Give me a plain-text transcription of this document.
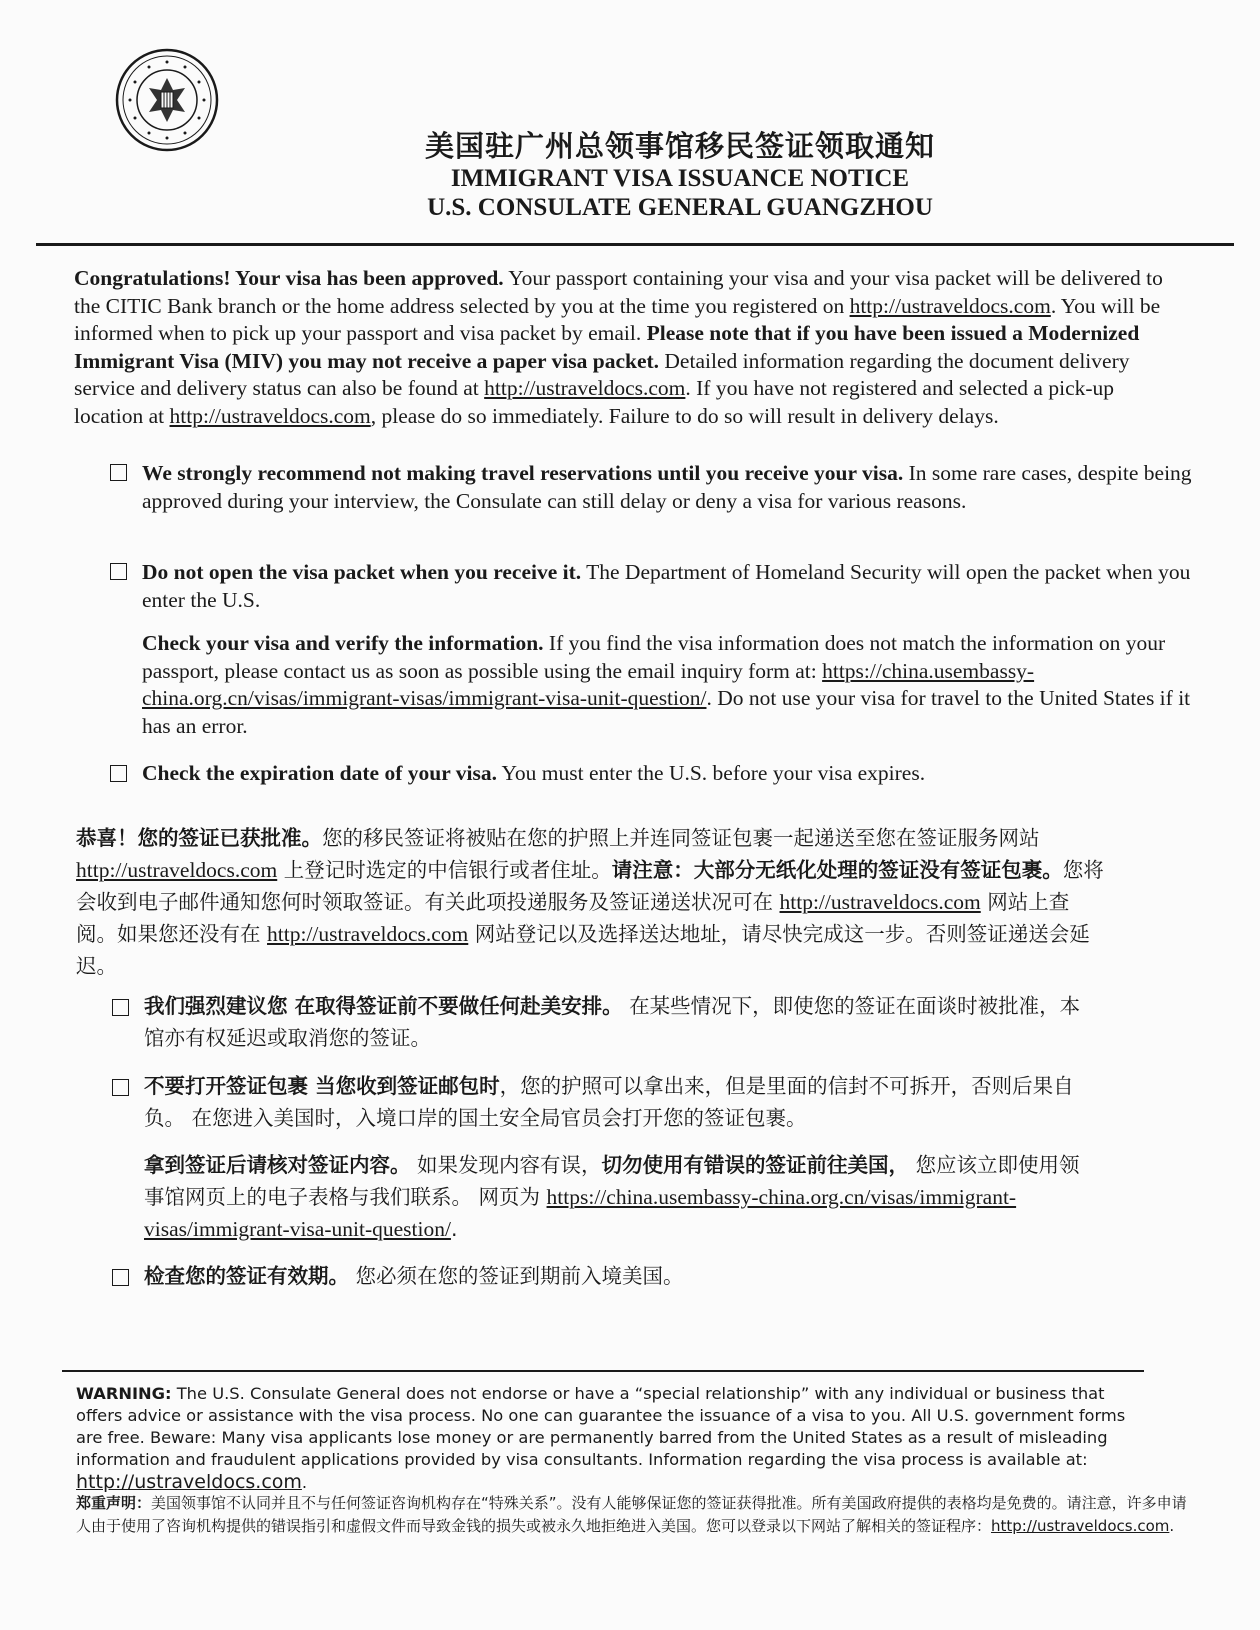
美国驻广州总领事馆移民签证领取通知
IMMIGRANT VISA ISSUANCE NOTICE
U.S. CONSULATE GENERAL GUANGZHOU
Congratulations! Your visa has been approved. Your passport containing your visa and your visa packet will be delivered to the CITIC Bank branch or the home address selected by you at the time you registered on http://ustraveldocs.com. You will be informed when to pick up your passport and visa packet by email. Please note that if you have been issued a Modernized Immigrant Visa (MIV) you may not receive a paper visa packet. Detailed information regarding the document delivery service and delivery status can also be found at http://ustraveldocs.com. If you have not registered and selected a pick-up location at http://ustraveldocs.com, please do so immediately. Failure to do so will result in delivery delays.
We strongly recommend not making travel reservations until you receive your visa. In some rare cases, despite being approved during your interview, the Consulate can still delay or deny a visa for various reasons.
Do not open the visa packet when you receive it. The Department of Homeland Security will open the packet when you enter the U.S.
Check your visa and verify the information. If you find the visa information does not match the information on your passport, please contact us as soon as possible using the email inquiry form at: https://china.usembassy-china.org.cn/visas/immigrant-visas/immigrant-visa-unit-question/. Do not use your visa for travel to the United States if it has an error.
Check the expiration date of your visa. You must enter the U.S. before your visa expires.
恭喜！您的签证已获批准。您的移民签证将被贴在您的护照上并连同签证包裹一起递送至您在签证服务网站 http://ustraveldocs.com 上登记时选定的中信银行或者住址。请注意：大部分无纸化处理的签证没有签证包裹。您将会收到电子邮件通知您何时领取签证。有关此项投递服务及签证递送状况可在 http://ustraveldocs.com 网站上查阅。如果您还没有在 http://ustraveldocs.com 网站登记以及选择送达地址，请尽快完成这一步。否则签证递送会延迟。
我们强烈建议您 在取得签证前不要做任何赴美安排。 在某些情况下，即使您的签证在面谈时被批准，本馆亦有权延迟或取消您的签证。
不要打开签证包裹 当您收到签证邮包时，您的护照可以拿出来，但是里面的信封不可拆开，否则后果自负。 在您进入美国时，入境口岸的国土安全局官员会打开您的签证包裹。
拿到签证后请核对签证内容。 如果发现内容有误，切勿使用有错误的签证前往美国， 您应该立即使用领事馆网页上的电子表格与我们联系。 网页为 https://china.usembassy-china.org.cn/visas/immigrant-visas/immigrant-visa-unit-question/.
检查您的签证有效期。 您必须在您的签证到期前入境美国。
WARNING: The U.S. Consulate General does not endorse or have a “special relationship” with any individual or business that offers advice or assistance with the visa process. No one can guarantee the issuance of a visa to you. All U.S. government forms are free. Beware: Many visa applicants lose money or are permanently barred from the United States as a result of misleading information and fraudulent applications provided by visa consultants. Information regarding the visa process is available at: http://ustraveldocs.com.
郑重声明：美国领事馆不认同并且不与任何签证咨询机构存在“特殊关系”。没有人能够保证您的签证获得批准。所有美国政府提供的表格均是免费的。请注意，许多申请人由于使用了咨询机构提供的错误指引和虚假文件而导致金钱的损失或被永久地拒绝进入美国。您可以登录以下网站了解相关的签证程序：http://ustraveldocs.com.
